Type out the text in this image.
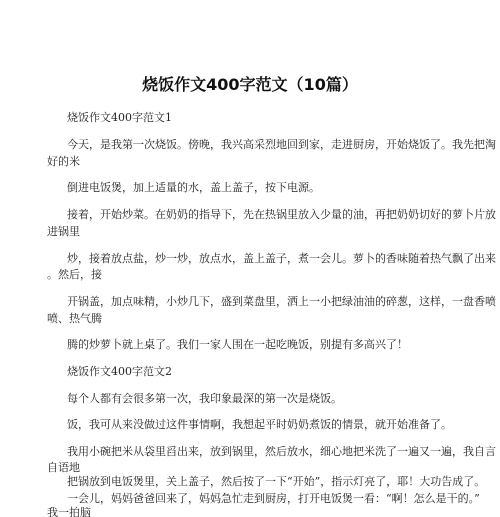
烧饭作文400字范文（10篇）
烧饭作文400字范文1
今天，是我第一次烧饭。傍晚，我兴高采烈地回到家，走进厨房，开始烧饭了。我先把淘
好的米
倒进电饭煲，加上适量的水，盖上盖子，按下电源。
接着，开始炒菜。在奶奶的指导下，先在热锅里放入少量的油，再把奶奶切好的萝卜片放
进锅里
炒，接着放点盐，炒一炒，放点水，盖上盖子，煮一会儿。萝卜的香味随着热气飘了出来
。然后，接
开锅盖，加点味精，小炒几下，盛到菜盘里，洒上一小把绿油油的碎葱，这样，一盘香喷
喷、热气腾
腾的炒萝卜就上桌了。我们一家人围在一起吃晚饭，别提有多高兴了！
烧饭作文400字范文2
每个人都有会很多第一次，我印象最深的第一次是烧饭。
饭，我可从来没做过这件事情啊，我想起平时奶奶煮饭的情景，就开始准备了。
我用小碗把米从袋里舀出来，放到锅里，然后放水，细心地把米洗了一遍又一遍，我自言
自语地
把锅放到电饭煲里，关上盖子，然后按了一下“开始”，指示灯亮了，耶！大功告成了。
一会儿，妈妈爸爸回来了，妈妈急忙走到厨房，打开电饭煲一看：“啊！怎么是干的。”
我一拍脑
